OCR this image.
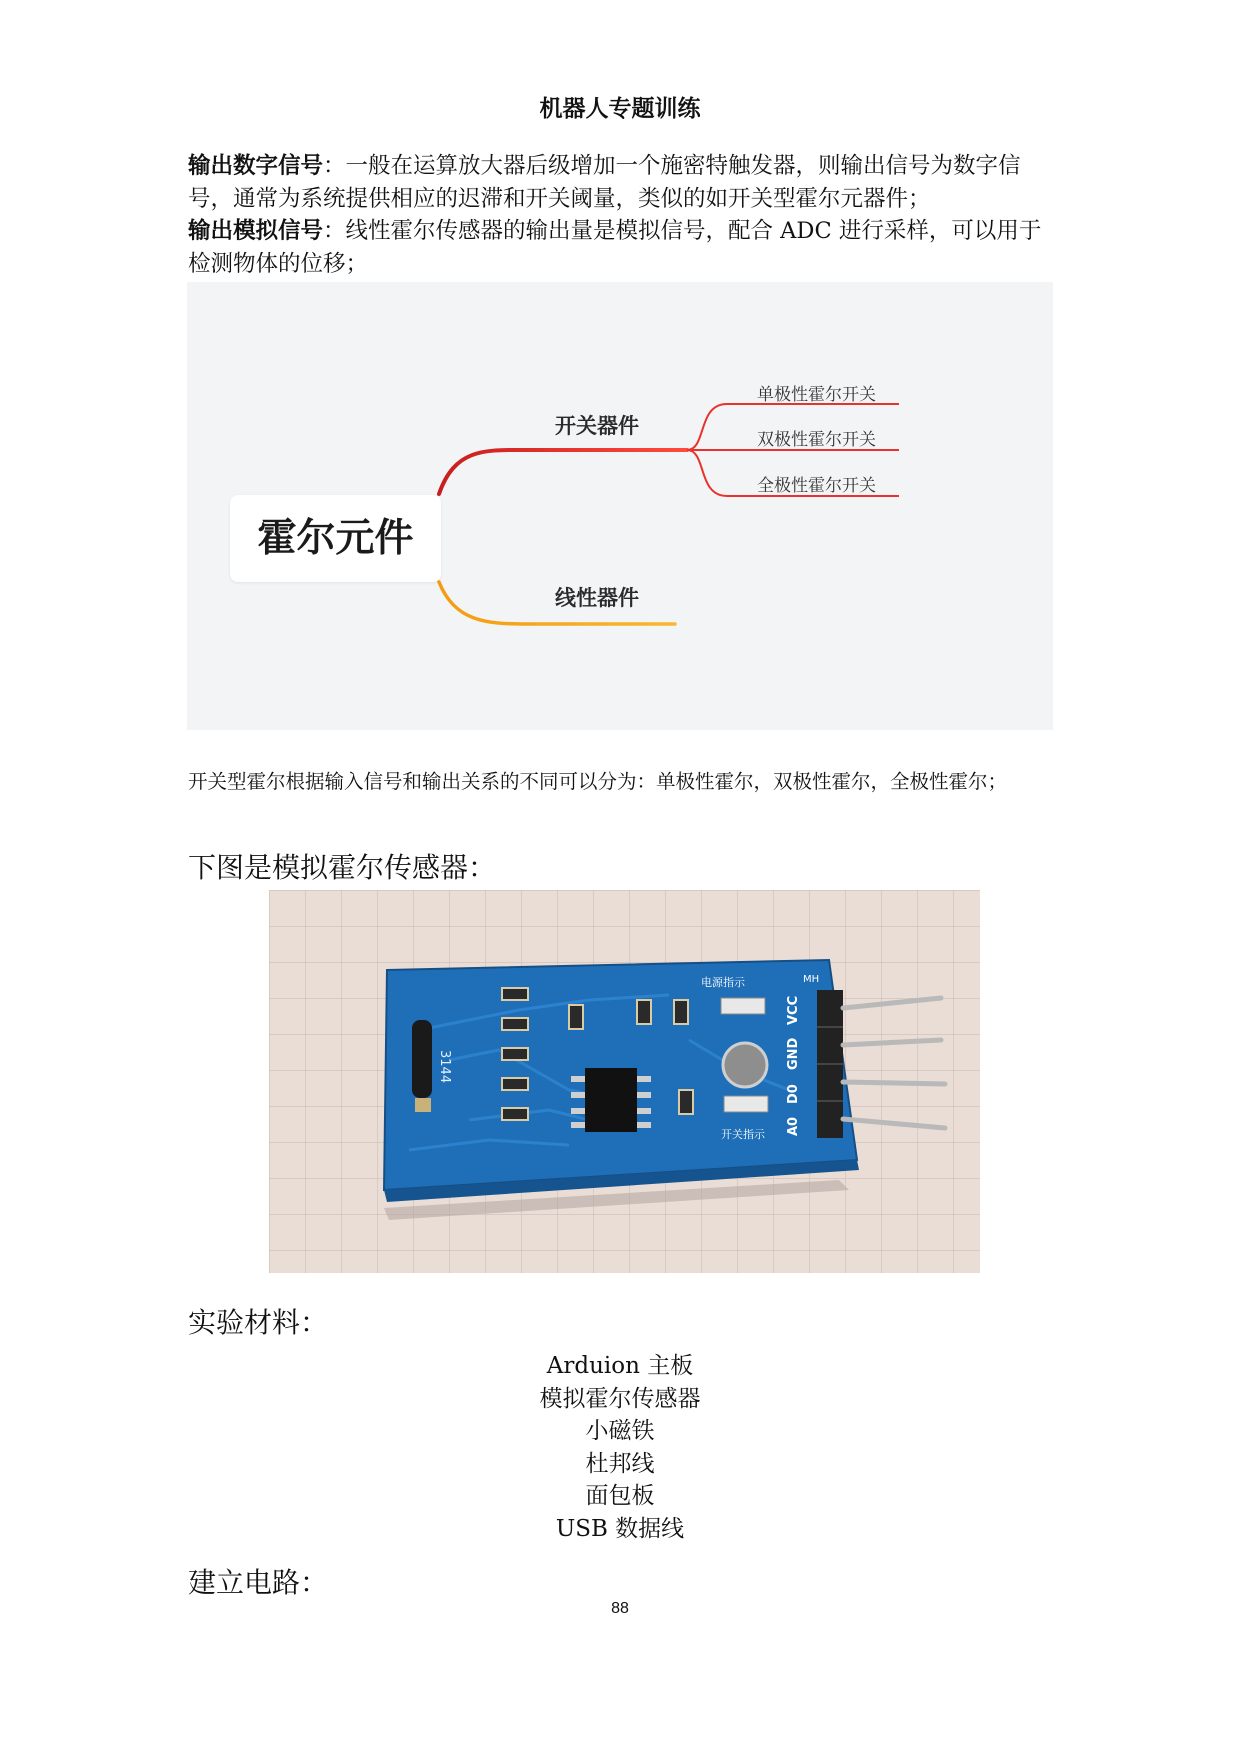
机器人专题训练
输出数字信号：一般在运算放大器后级增加一个施密特触发器，则输出信号为数字信号，通常为系统提供相应的迟滞和开关阈量，类似的如开关型霍尔元器件；
输出模拟信号：线性霍尔传感器的输出量是模拟信号，配合 ADC 进行采样，可以用于检测物体的位移；
霍尔元件
开关器件
线性器件
单极性霍尔开关
双极性霍尔开关
全极性霍尔开关
开关型霍尔根据输入信号和输出关系的不同可以分为：单极性霍尔，双极性霍尔，全极性霍尔；
下图是模拟霍尔传感器：
3144
电源指示
开关指示
MH
VCC
GND
D0
A0
实验材料：
Arduion 主板
模拟霍尔传感器
小磁铁
杜邦线
面包板
USB 数据线
建立电路：
88
